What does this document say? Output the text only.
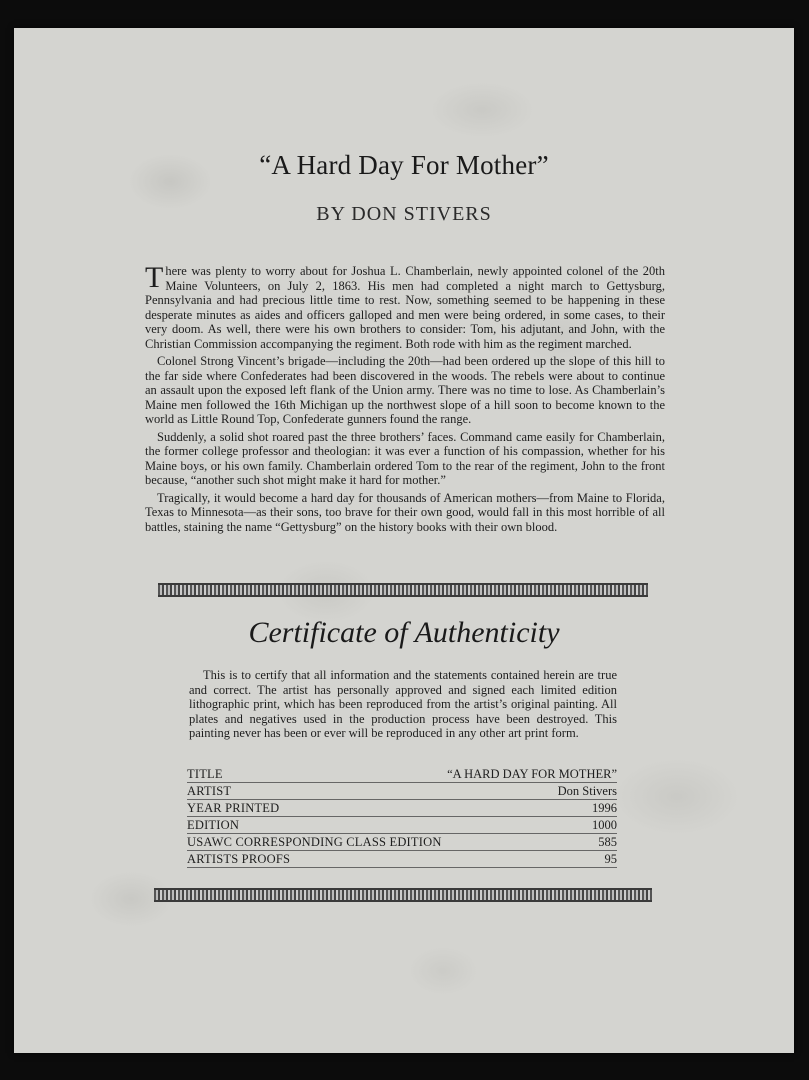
“A Hard Day For Mother”
BY DON STIVERS

There was plenty to worry about for Joshua L. Chamberlain, newly appointed colonel of the 20th Maine Volunteers, on July 2, 1863. His men had completed a night march to Gettysburg, Pennsylvania and had precious little time to rest. Now, something seemed to be happening in these desperate minutes as aides and officers galloped and men were being ordered, in some cases, to their very doom. As well, there were his own brothers to consider: Tom, his adjutant, and John, with the Christian Commission accompanying the regiment. Both rode with him as the regiment marched.

Colonel Strong Vincent’s brigade—including the 20th—had been ordered up the slope of this hill to the far side where Confederates had been discovered in the woods. The rebels were about to continue an assault upon the exposed left flank of the Union army. There was no time to lose. As Chamberlain’s Maine men followed the 16th Michigan up the northwest slope of a hill soon to become known to the world as Little Round Top, Confederate gunners found the range.

Suddenly, a solid shot roared past the three brothers’ faces. Command came easily for Chamberlain, the former college professor and theologian: it was ever a function of his compassion, whether for his Maine boys, or his own family. Chamberlain ordered Tom to the rear of the regiment, John to the front because, “another such shot might make it hard for mother.”

Tragically, it would become a hard day for thousands of American mothers—from Maine to Florida, Texas to Minnesota—as their sons, too brave for their own good, would fall in this most horrible of all battles, staining the name “Gettysburg” on the history books with their own blood.

Certificate of Authenticity

This is to certify that all information and the statements contained herein are true and correct. The artist has personally approved and signed each limited edition lithographic print, which has been reproduced from the artist’s original painting. All plates and negatives used in the production process have been destroyed. This painting never has been or ever will be reproduced in any other art print form.

TITLE	“A HARD DAY FOR MOTHER”
ARTIST	Don Stivers
YEAR PRINTED	1996
EDITION	1000
USAWC CORRESPONDING CLASS EDITION	585
ARTISTS PROOFS	95
